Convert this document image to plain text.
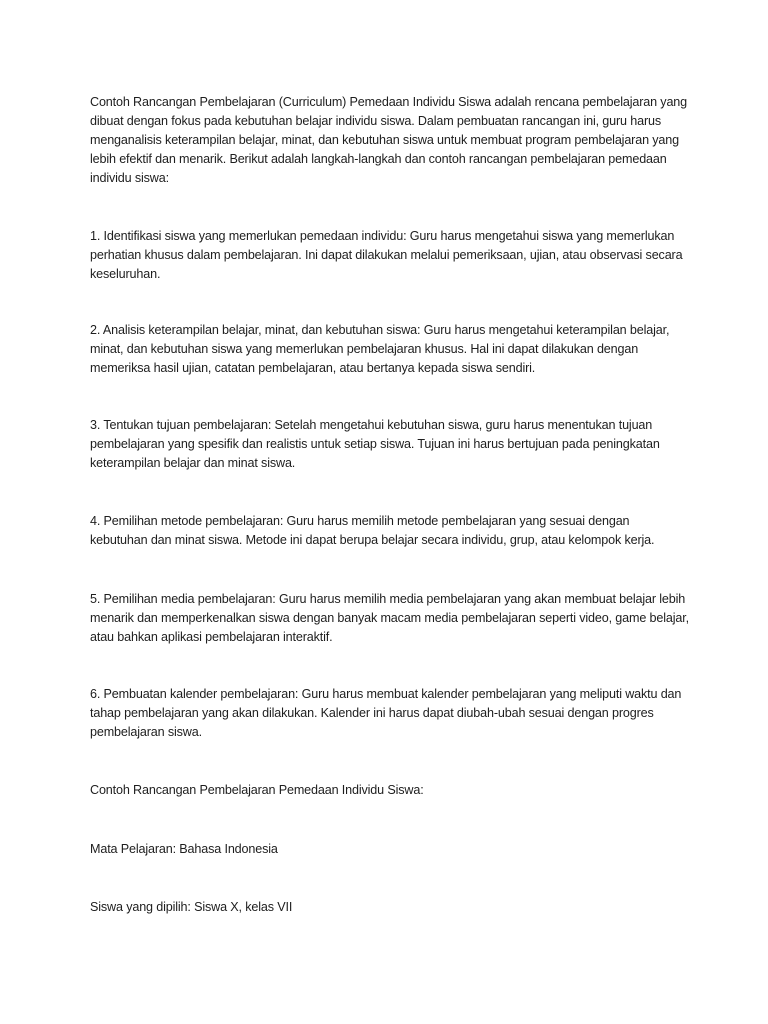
Contoh Rancangan Pembelajaran (Curriculum) Pemedaan Individu Siswa adalah rencana pembelajaran yang dibuat dengan fokus pada kebutuhan belajar individu siswa. Dalam pembuatan rancangan ini, guru harus menganalisis keterampilan belajar, minat, dan kebutuhan siswa untuk membuat program pembelajaran yang lebih efektif dan menarik. Berikut adalah langkah-langkah dan contoh rancangan pembelajaran pemedaan individu siswa:

1. Identifikasi siswa yang memerlukan pemedaan individu: Guru harus mengetahui siswa yang memerlukan perhatian khusus dalam pembelajaran. Ini dapat dilakukan melalui pemeriksaan, ujian, atau observasi secara keseluruhan.

2. Analisis keterampilan belajar, minat, dan kebutuhan siswa: Guru harus mengetahui keterampilan belajar, minat, dan kebutuhan siswa yang memerlukan pembelajaran khusus. Hal ini dapat dilakukan dengan memeriksa hasil ujian, catatan pembelajaran, atau bertanya kepada siswa sendiri.

3. Tentukan tujuan pembelajaran: Setelah mengetahui kebutuhan siswa, guru harus menentukan tujuan pembelajaran yang spesifik dan realistis untuk setiap siswa. Tujuan ini harus bertujuan pada peningkatan keterampilan belajar dan minat siswa.

4. Pemilihan metode pembelajaran: Guru harus memilih metode pembelajaran yang sesuai dengan kebutuhan dan minat siswa. Metode ini dapat berupa belajar secara individu, grup, atau kelompok kerja.

5. Pemilihan media pembelajaran: Guru harus memilih media pembelajaran yang akan membuat belajar lebih menarik dan memperkenalkan siswa dengan banyak macam media pembelajaran seperti video, game belajar, atau bahkan aplikasi pembelajaran interaktif.

6. Pembuatan kalender pembelajaran: Guru harus membuat kalender pembelajaran yang meliputi waktu dan tahap pembelajaran yang akan dilakukan. Kalender ini harus dapat diubah-ubah sesuai dengan progres pembelajaran siswa.

Contoh Rancangan Pembelajaran Pemedaan Individu Siswa:

Mata Pelajaran: Bahasa Indonesia

Siswa yang dipilih: Siswa X, kelas VII
